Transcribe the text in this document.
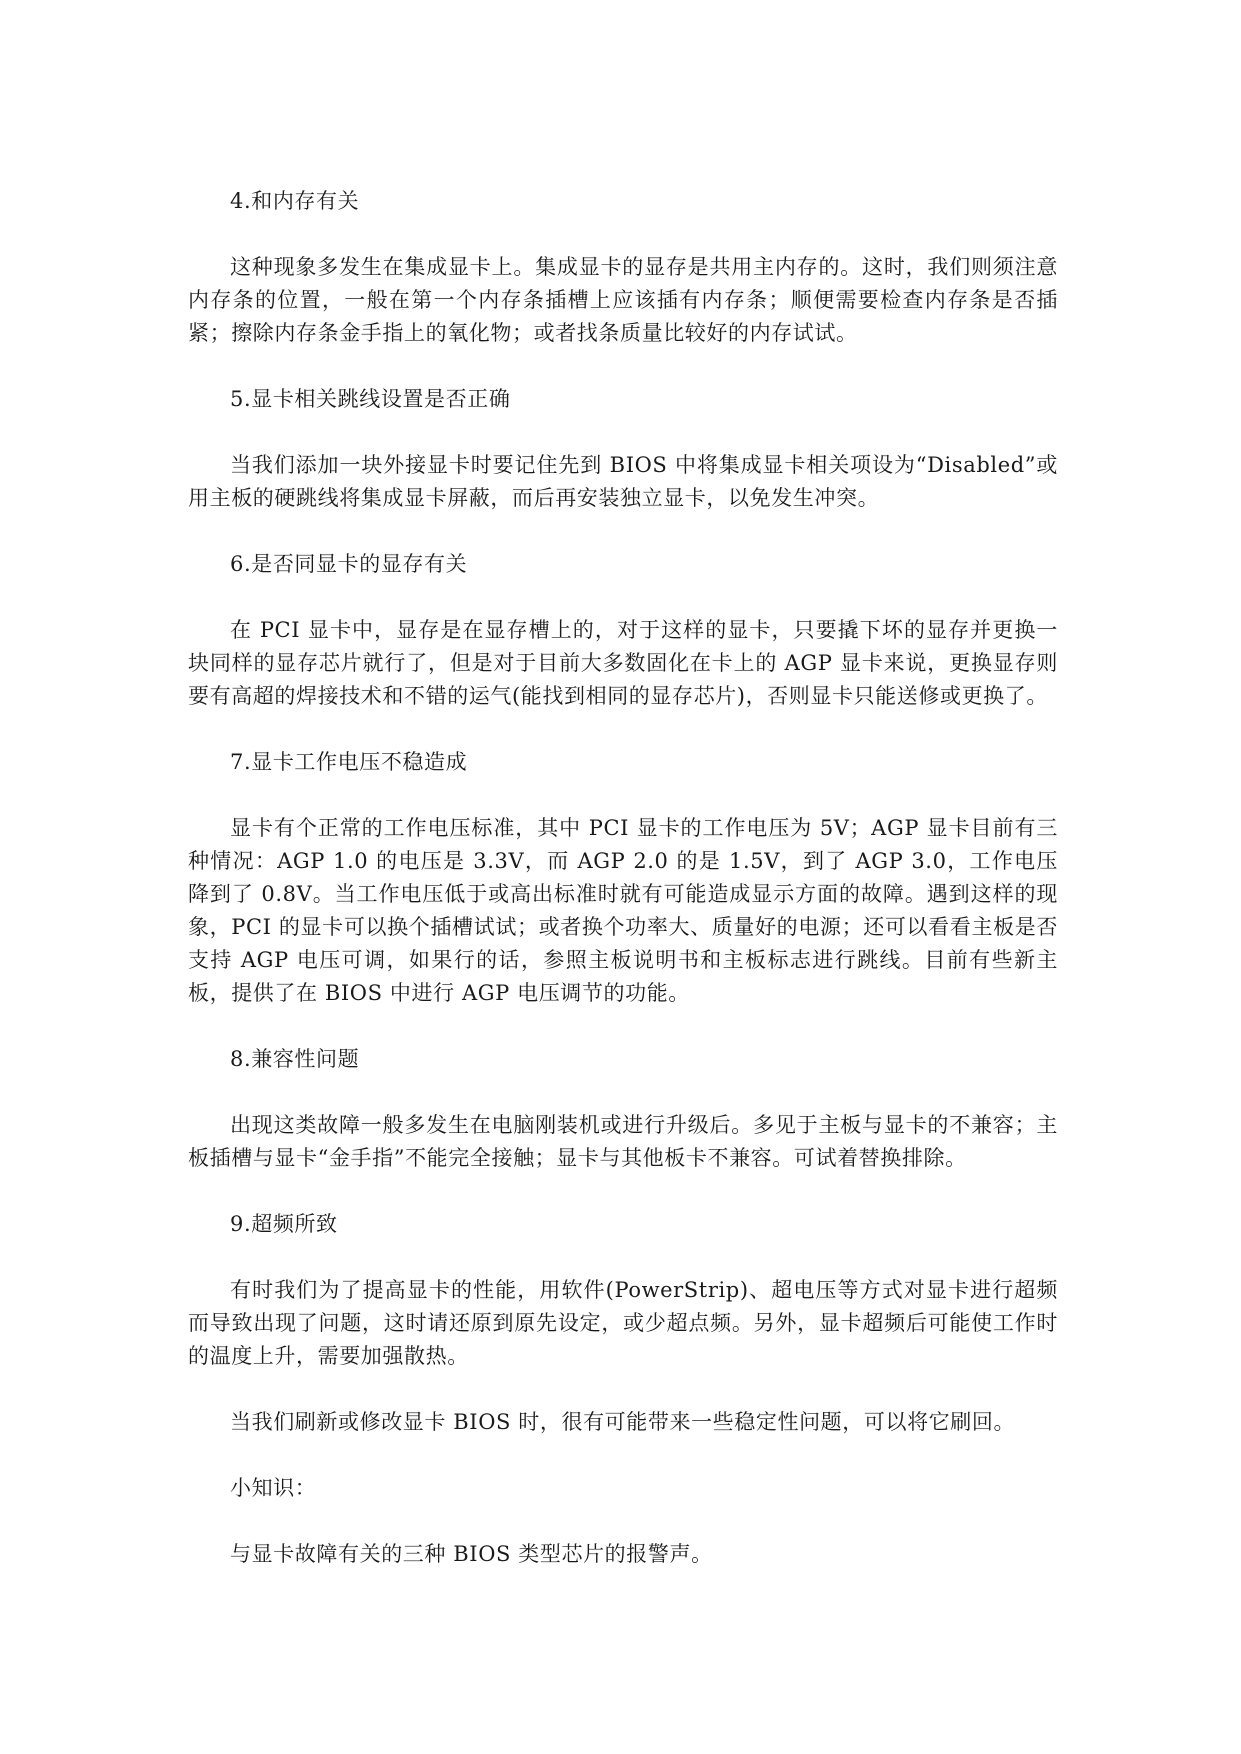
4.和内存有关

这种现象多发生在集成显卡上。集成显卡的显存是共用主内存的。这时，我们则须注意内存条的位置，一般在第一个内存条插槽上应该插有内存条；顺便需要检查内存条是否插紧；擦除内存条金手指上的氧化物；或者找条质量比较好的内存试试。

5.显卡相关跳线设置是否正确

当我们添加一块外接显卡时要记住先到 BIOS 中将集成显卡相关项设为“Disabled”或用主板的硬跳线将集成显卡屏蔽，而后再安装独立显卡，以免发生冲突。

6.是否同显卡的显存有关

在 PCI 显卡中，显存是在显存槽上的，对于这样的显卡，只要撬下坏的显存并更换一块同样的显存芯片就行了，但是对于目前大多数固化在卡上的 AGP 显卡来说，更换显存则要有高超的焊接技术和不错的运气(能找到相同的显存芯片)，否则显卡只能送修或更换了。

7.显卡工作电压不稳造成

显卡有个正常的工作电压标准，其中 PCI 显卡的工作电压为 5V；AGP 显卡目前有三种情况：AGP 1.0 的电压是 3.3V，而 AGP 2.0 的是 1.5V，到了 AGP 3.0，工作电压降到了 0.8V。当工作电压低于或高出标准时就有可能造成显示方面的故障。遇到这样的现象，PCI 的显卡可以换个插槽试试；或者换个功率大、质量好的电源；还可以看看主板是否支持 AGP 电压可调，如果行的话，参照主板说明书和主板标志进行跳线。目前有些新主板，提供了在 BIOS 中进行 AGP 电压调节的功能。

8.兼容性问题

出现这类故障一般多发生在电脑刚装机或进行升级后。多见于主板与显卡的不兼容；主板插槽与显卡“金手指”不能完全接触；显卡与其他板卡不兼容。可试着替换排除。

9.超频所致

有时我们为了提高显卡的性能，用软件(PowerStrip)、超电压等方式对显卡进行超频而导致出现了问题，这时请还原到原先设定，或少超点频。另外，显卡超频后可能使工作时的温度上升，需要加强散热。

当我们刷新或修改显卡 BIOS 时，很有可能带来一些稳定性问题，可以将它刷回。

小知识：

与显卡故障有关的三种 BIOS 类型芯片的报警声。
